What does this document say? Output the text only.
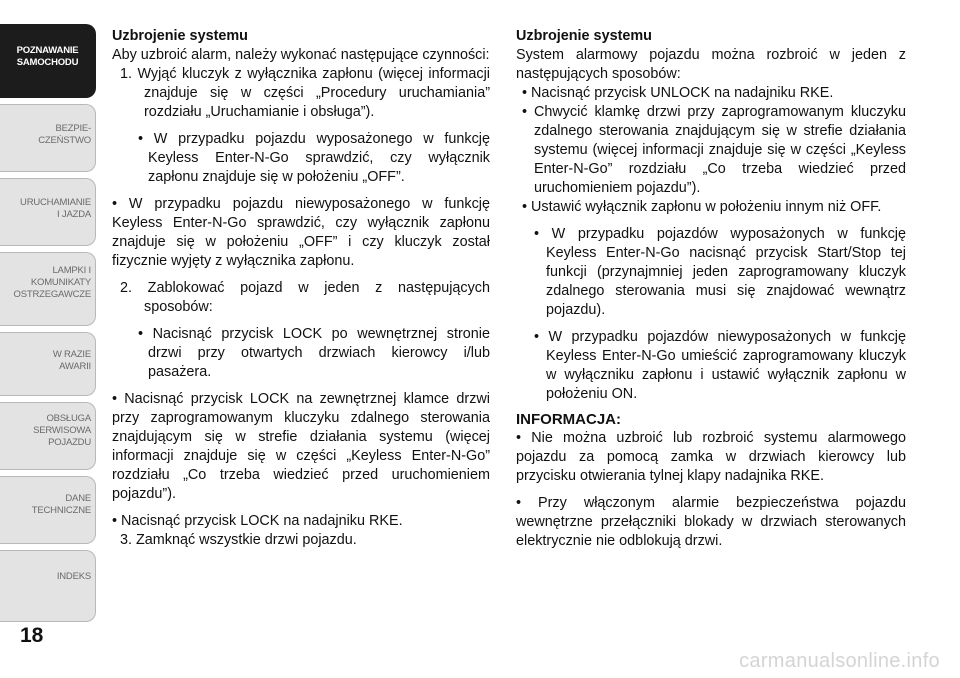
POZNAWANIE
SAMOCHODU
BEZPIE-
CZEŃSTWO
URUCHAMIANIE
I JAZDA
LAMPKI I
KOMUNIKATY
OSTRZEGAWCZE
W RAZIE
AWARII
OBSŁUGA
SERWISOWA
POJAZDU
DANE
TECHNICZNE
INDEKS
18
Uzbrojenie systemu
Aby uzbroić alarm, należy wykonać następujące czynności:
1. Wyjąć kluczyk z wyłącznika zapłonu (więcej informacji znajduje się w części „Procedury uruchamiania” rozdziału „Uruchamianie i obsługa”).
• W przypadku pojazdu wyposażonego w funkcję Keyless Enter-N-Go sprawdzić, czy wyłącznik zapłonu znajduje się w położeniu „OFF”.
• W przypadku pojazdu niewyposażonego w funkcję Keyless Enter-N-Go sprawdzić, czy wyłącznik zapłonu znajduje się w położeniu „OFF” i czy kluczyk został fizycznie wyjęty z wyłącznika zapłonu.
2. Zablokować pojazd w jeden z następujących sposobów:
• Nacisnąć przycisk LOCK po wewnętrznej stronie drzwi przy otwartych drzwiach kierowcy i/lub pasażera.
• Nacisnąć przycisk LOCK na zewnętrznej klamce drzwi przy zaprogramowanym kluczyku zdalnego sterowania znajdującym się w strefie działania systemu (więcej informacji znajduje się w części „Keyless Enter-N-Go” rozdziału „Co trzeba wiedzieć przed uruchomieniem pojazdu”).
• Nacisnąć przycisk LOCK na nadajniku RKE.
3. Zamknąć wszystkie drzwi pojazdu.
Uzbrojenie systemu
System alarmowy pojazdu można rozbroić w jeden z następujących sposobów:
• Nacisnąć przycisk UNLOCK na nadajniku RKE.
• Chwycić klamkę drzwi przy zaprogramowanym kluczyku zdalnego sterowania znajdującym się w strefie działania systemu (więcej informacji znajduje się w części „Keyless Enter-N-Go” rozdziału „Co trzeba wiedzieć przed uruchomieniem pojazdu”).
• Ustawić wyłącznik zapłonu w położeniu innym niż OFF.
• W przypadku pojazdów wyposażonych w funkcję Keyless Enter-N-Go nacisnąć przycisk Start/Stop tej funkcji (przynajmniej jeden zaprogramowany kluczyk zdalnego sterowania musi się znajdować wewnątrz pojazdu).
• W przypadku pojazdów niewyposażonych w funkcję Keyless Enter-N-Go umieścić zaprogramowany kluczyk w wyłączniku zapłonu i ustawić wyłącznik zapłonu w położeniu ON.
INFORMACJA:
• Nie można uzbroić lub rozbroić systemu alarmowego pojazdu za pomocą zamka w drzwiach kierowcy lub przycisku otwierania tylnej klapy nadajnika RKE.
• Przy włączonym alarmie bezpieczeństwa pojazdu wewnętrzne przełączniki blokady w drzwiach sterowanych elektrycznie nie odblokują drzwi.
carmanualsonline.info
